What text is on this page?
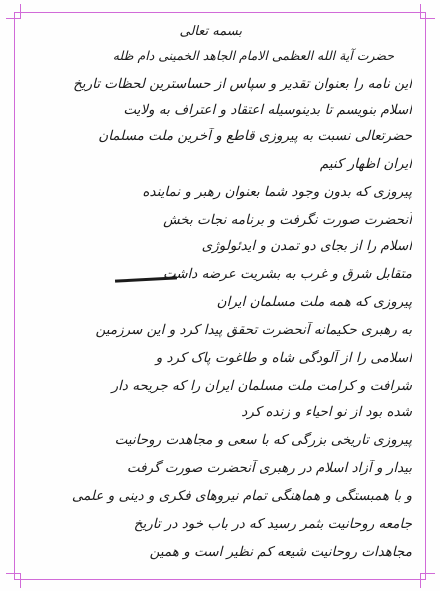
بسمه تعالی
حضرت آیة الله العظمی الامام الجاهد الخمینی دام ظله
این نامه را بعنوان تقدیر و سپاس از حساسترین لحظات تاریخ
اسلام بنویسم تا بدینوسیله اعتقاد و اعتراف به ولایت
حضرتعالی نسبت به پیروزی قاطع و آخرین ملت مسلمان
ایران اظهار کنیم
پیروزی که بدون وجود شما بعنوان رهبر و نماینده
آنحضرت صورت نگرفت و برنامه نجات بخش
اسلام را از بجای دو تمدن و ایدئولوژی
متقابل شرق و غرب به بشریت عرضه داشت
پیروزی که همه ملت مسلمان ایران
به رهبری حکیمانه آنحضرت تحقق پیدا کرد و این سرزمین
اسلامی را از آلودگی شاه و طاغوت پاک کرد و
شرافت و کرامت ملت مسلمان ایران را که جریحه دار
شده بود از نو احیاء و زنده کرد
پیروزی تاریخی بزرگی که با سعی و مجاهدت روحانیت
بیدار و آزاد اسلام در رهبری آنحضرت صورت گرفت
و با همبستگی و هماهنگی تمام نیروهای فکری و دینی و علمی
جامعه روحانیت بثمر رسید که در باب خود در تاریخ
مجاهدات روحانیت شیعه کم نظیر است و همین
